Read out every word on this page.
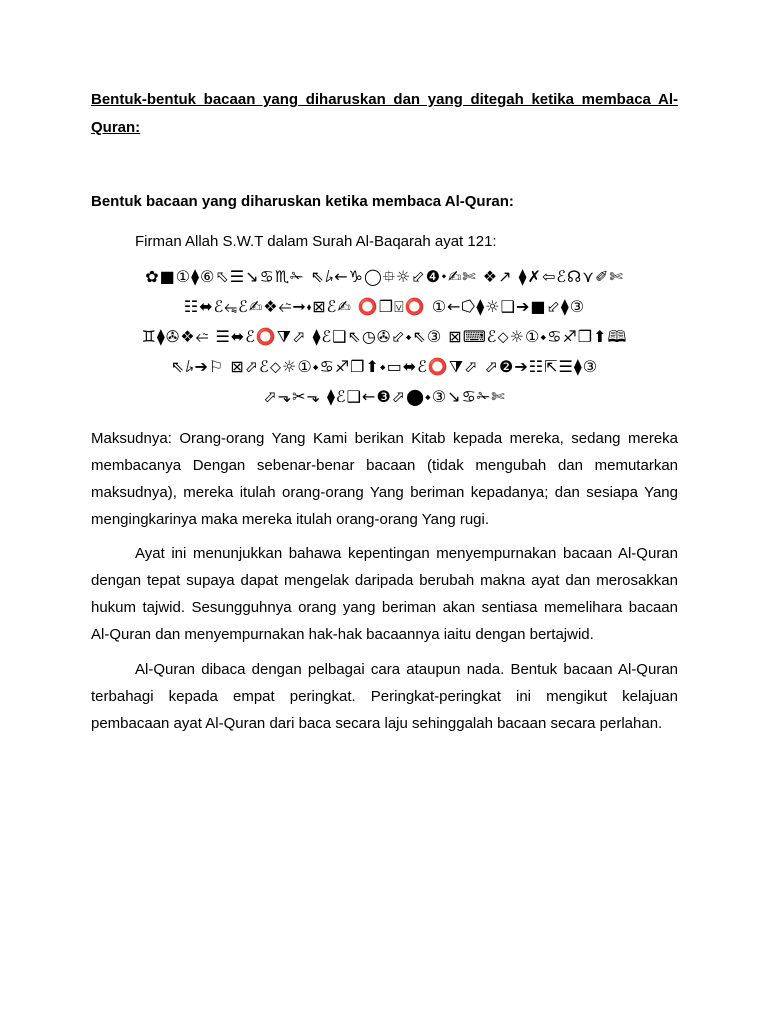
Bentuk-bentuk bacaan yang diharuskan dan yang ditegah ketika membaca Al-Quran:

Bentuk bacaan yang diharuskan ketika membaca Al-Quran:

Firman Allah S.W.T dalam Surah Al-Baqarah ayat 121:

✿■①⧫⑥⬁☰↘♋♏✁ ⇖⭞←♑◯⯐☼⬃❹⬩✍✄ ❖↗ ⧫✗⇦ℰ☊⋎✐✄
☷⬌ℰ⭊ℰ✍❖⭉➞⬪⊠ℰ✍ ⭕❐⍌⭕ ①←⭔⧫☼❑➔■⬃⧫③
♊⧫✇❖⭉ ☰⬌ℰ⭕⧩⬀ ⧫ℰ❑⇖◷✇⬃⬩⇖③ ⊠⌨ℰ⬦☼①⬩♋♐❐⬆🕮
⇖⭞➔⚐ ⊠⬀ℰ⬦☼①⬩♋♐❐⬆⬩▭⬌ℰ⭕⧩⬀ ⬀❷➔☷⇱☰⧫③
⬀⬎✂⬎ ⧫ℰ❑←❸⬀⬤⬩③↘♋✁✄

Maksudnya: Orang-orang Yang Kami berikan Kitab kepada mereka, sedang mereka membacanya Dengan sebenar-benar bacaan (tidak mengubah dan memutarkan maksudnya), mereka itulah orang-orang Yang beriman kepadanya; dan sesiapa Yang mengingkarinya maka mereka itulah orang-orang Yang rugi.

Ayat ini menunjukkan bahawa kepentingan menyempurnakan bacaan Al-Quran dengan tepat supaya dapat mengelak daripada berubah makna ayat dan merosakkan hukum tajwid. Sesungguhnya orang yang beriman akan sentiasa memelihara bacaan Al-Quran dan menyempurnakan hak-hak bacaannya iaitu dengan bertajwid.

Al-Quran dibaca dengan pelbagai cara ataupun nada. Bentuk bacaan Al-Quran terbahagi kepada empat peringkat. Peringkat-peringkat ini mengikut kelajuan pembacaan ayat Al-Quran dari baca secara laju sehinggalah bacaan secara perlahan.
